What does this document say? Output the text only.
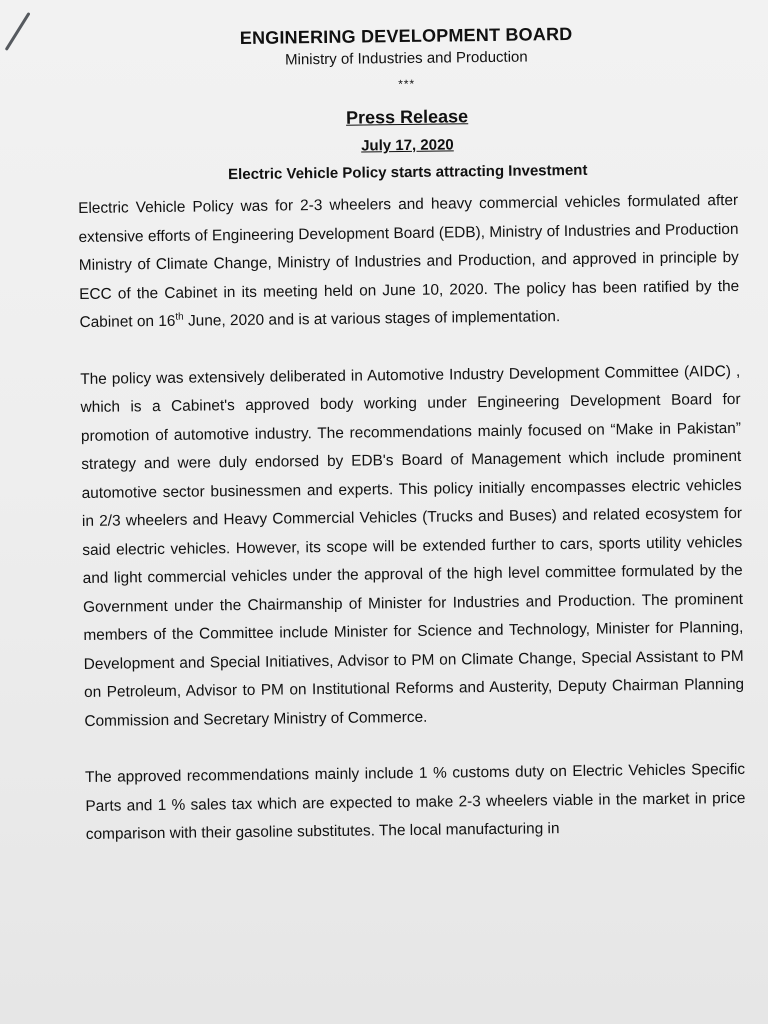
ENGINERING DEVELOPMENT BOARD
Ministry of Industries and Production
***
Press Release
July 17, 2020
Electric Vehicle Policy starts attracting Investment

Electric Vehicle Policy was for 2-3 wheelers and heavy commercial vehicles formulated after extensive efforts of Engineering Development Board (EDB), Ministry of Industries and Production Ministry of Climate Change, Ministry of Industries and Production, and approved in principle by ECC of the Cabinet in its meeting held on June 10, 2020. The policy has been ratified by the Cabinet on 16th June, 2020 and is at various stages of implementation.

The policy was extensively deliberated in Automotive Industry Development Committee (AIDC) , which is a Cabinet's approved body working under Engineering Development Board for promotion of automotive industry. The recommendations mainly focused on “Make in Pakistan” strategy and were duly endorsed by EDB's Board of Management which include prominent automotive sector businessmen and experts. This policy initially encompasses electric vehicles in 2/3 wheelers and Heavy Commercial Vehicles (Trucks and Buses) and related ecosystem for said electric vehicles. However, its scope will be extended further to cars, sports utility vehicles and light commercial vehicles under the approval of the high level committee formulated by the Government under the Chairmanship of Minister for Industries and Production. The prominent members of the Committee include Minister for Science and Technology, Minister for Planning, Development and Special Initiatives, Advisor to PM on Climate Change, Special Assistant to PM on Petroleum, Advisor to PM on Institutional Reforms and Austerity, Deputy Chairman Planning Commission and Secretary Ministry of Commerce.

The approved recommendations mainly include 1 % customs duty on Electric Vehicles Specific Parts and 1 % sales tax which are expected to make 2-3 wheelers viable in the market in price comparison with their gasoline substitutes. The local manufacturing in
